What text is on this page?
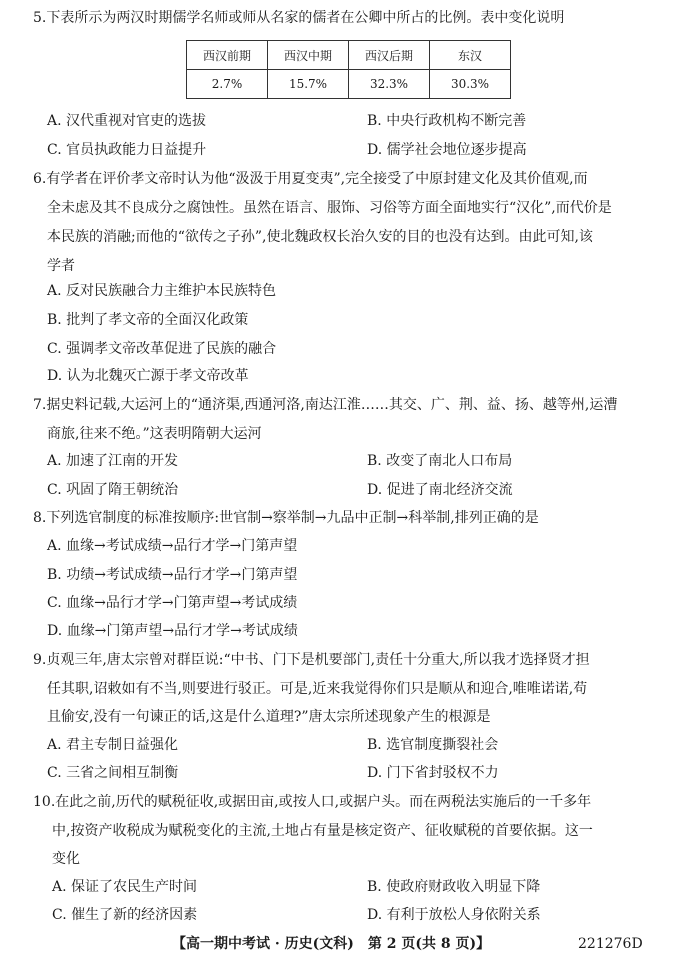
5.下表所示为两汉时期儒学名师或师从名家的儒者在公卿中所占的比例。表中变化说明
西汉前期	西汉中期	西汉后期	东汉
2.7%	15.7%	32.3%	30.3%
A. 汉代重视对官吏的选拔	B. 中央行政机构不断完善
C. 官员执政能力日益提升	D. 儒学社会地位逐步提高
6.有学者在评价孝文帝时认为他“汲汲于用夏变夷”,完全接受了中原封建文化及其价值观,而
全未虑及其不良成分之腐蚀性。虽然在语言、服饰、习俗等方面全面地实行“汉化”,而代价是
本民族的消融;而他的“欲传之子孙”,使北魏政权长治久安的目的也没有达到。由此可知,该
学者
A. 反对民族融合力主维护本民族特色
B. 批判了孝文帝的全面汉化政策
C. 强调孝文帝改革促进了民族的融合
D. 认为北魏灭亡源于孝文帝改革
7.据史料记载,大运河上的“通济渠,西通河洛,南达江淮……其交、广、荆、益、扬、越等州,运漕
商旅,往来不绝。”这表明隋朝大运河
A. 加速了江南的开发	B. 改变了南北人口布局
C. 巩固了隋王朝统治	D. 促进了南北经济交流
8.下列选官制度的标准按顺序:世官制→察举制→九品中正制→科举制,排列正确的是
A. 血缘→考试成绩→品行才学→门第声望
B. 功绩→考试成绩→品行才学→门第声望
C. 血缘→品行才学→门第声望→考试成绩
D. 血缘→门第声望→品行才学→考试成绩
9.贞观三年,唐太宗曾对群臣说:“中书、门下是机要部门,责任十分重大,所以我才选择贤才担
任其职,诏敕如有不当,则要进行驳正。可是,近来我觉得你们只是顺从和迎合,唯唯诺诺,苟
且偷安,没有一句谏正的话,这是什么道理?”唐太宗所述现象产生的根源是
A. 君主专制日益强化	B. 选官制度撕裂社会
C. 三省之间相互制衡	D. 门下省封驳权不力
10.在此之前,历代的赋税征收,或据田亩,或按人口,或据户头。而在两税法实施后的一千多年
中,按资产收税成为赋税变化的主流,土地占有量是核定资产、征收赋税的首要依据。这一
变化
A. 保证了农民生产时间	B. 使政府财政收入明显下降
C. 催生了新的经济因素	D. 有利于放松人身依附关系
【高一期中考试 · 历史(文科)　第 2 页(共 8 页)】	221276D
